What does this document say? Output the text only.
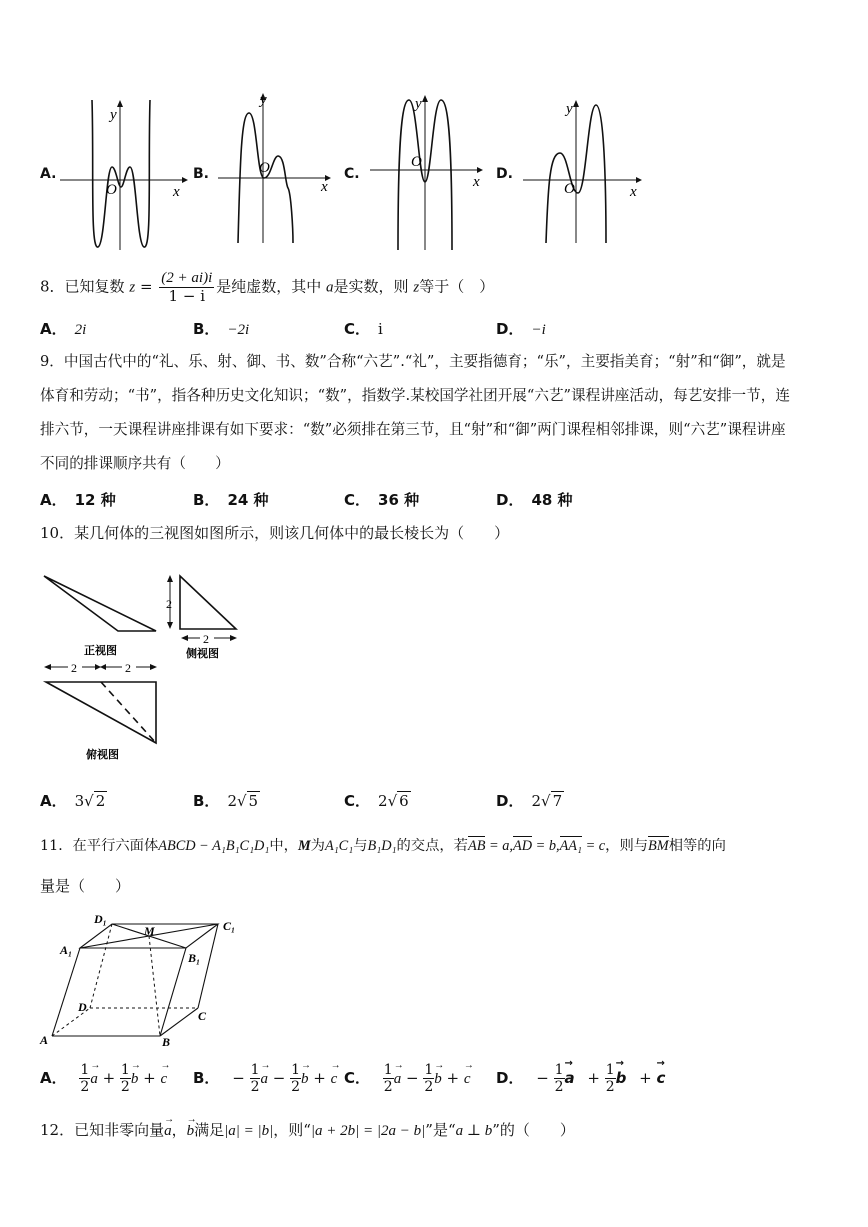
A.
y
x
O
B.
y
x
O	C.
y
x
O
D.
y
x
O
8．已知复数 $z = \frac{(2 + ai)i}{1 - i}$ 是纯虚数，其中 a是实数，则 z等于（　）
A． 2i	B． −2i	C． i	D． −i
9．中国古代中的“礼、乐、射、御、书、数”合称“六艺”.“礼”，主要指德育；“乐”，主要指美育；“射”和“御”，就是
体育和劳动；“书”，指各种历史文化知识；“数”，指数学.某校国学社团开展“六艺”课程讲座活动，每艺安排一节，连
排六节，一天课程讲座排课有如下要求：“数”必须排在第三节，且“射”和“御”两门课程相邻排课，则“六艺”课程讲座
不同的排课顺序共有（　　）
A． 12 种	B． 24 种	C． 36 种	D． 48 种
10．某几何体的三视图如图所示，则该几何体中的最长棱长为（　　）
正视图
2
2
侧视图
2	2
俯视图
A． 3√ 2	B． 2√ 5	C． 2√ 6	D． 2√ 7
11．在平行六面体ABCD − A₁B₁C₁D₁中，M为A₁C₁与B₁D₁的交点，若AB = a,AD = b,AA₁ = c，则与BM相等的向
量是（　　）
D₁
M	C₁
A₁
B₁
D
C
A	B
A． $\frac{1}{2}$
→ $a + \frac{1}{2}$
→ b + → c B． − $\frac{1}{2}$
→ $a - \frac{1}{2}$
→ b + → c C． $\frac{1}{2}$
→ $a - \frac{1}{2}$
→ b + → c D． − $\frac{1}{2}$
→ $a + \frac{1}{2}$
→ b + → c
12．已知非零向量→ a，→ b满足|a| = |b|，则“|a + 2b| = |2a − b|”是“a ⊥ b”的（　　）
